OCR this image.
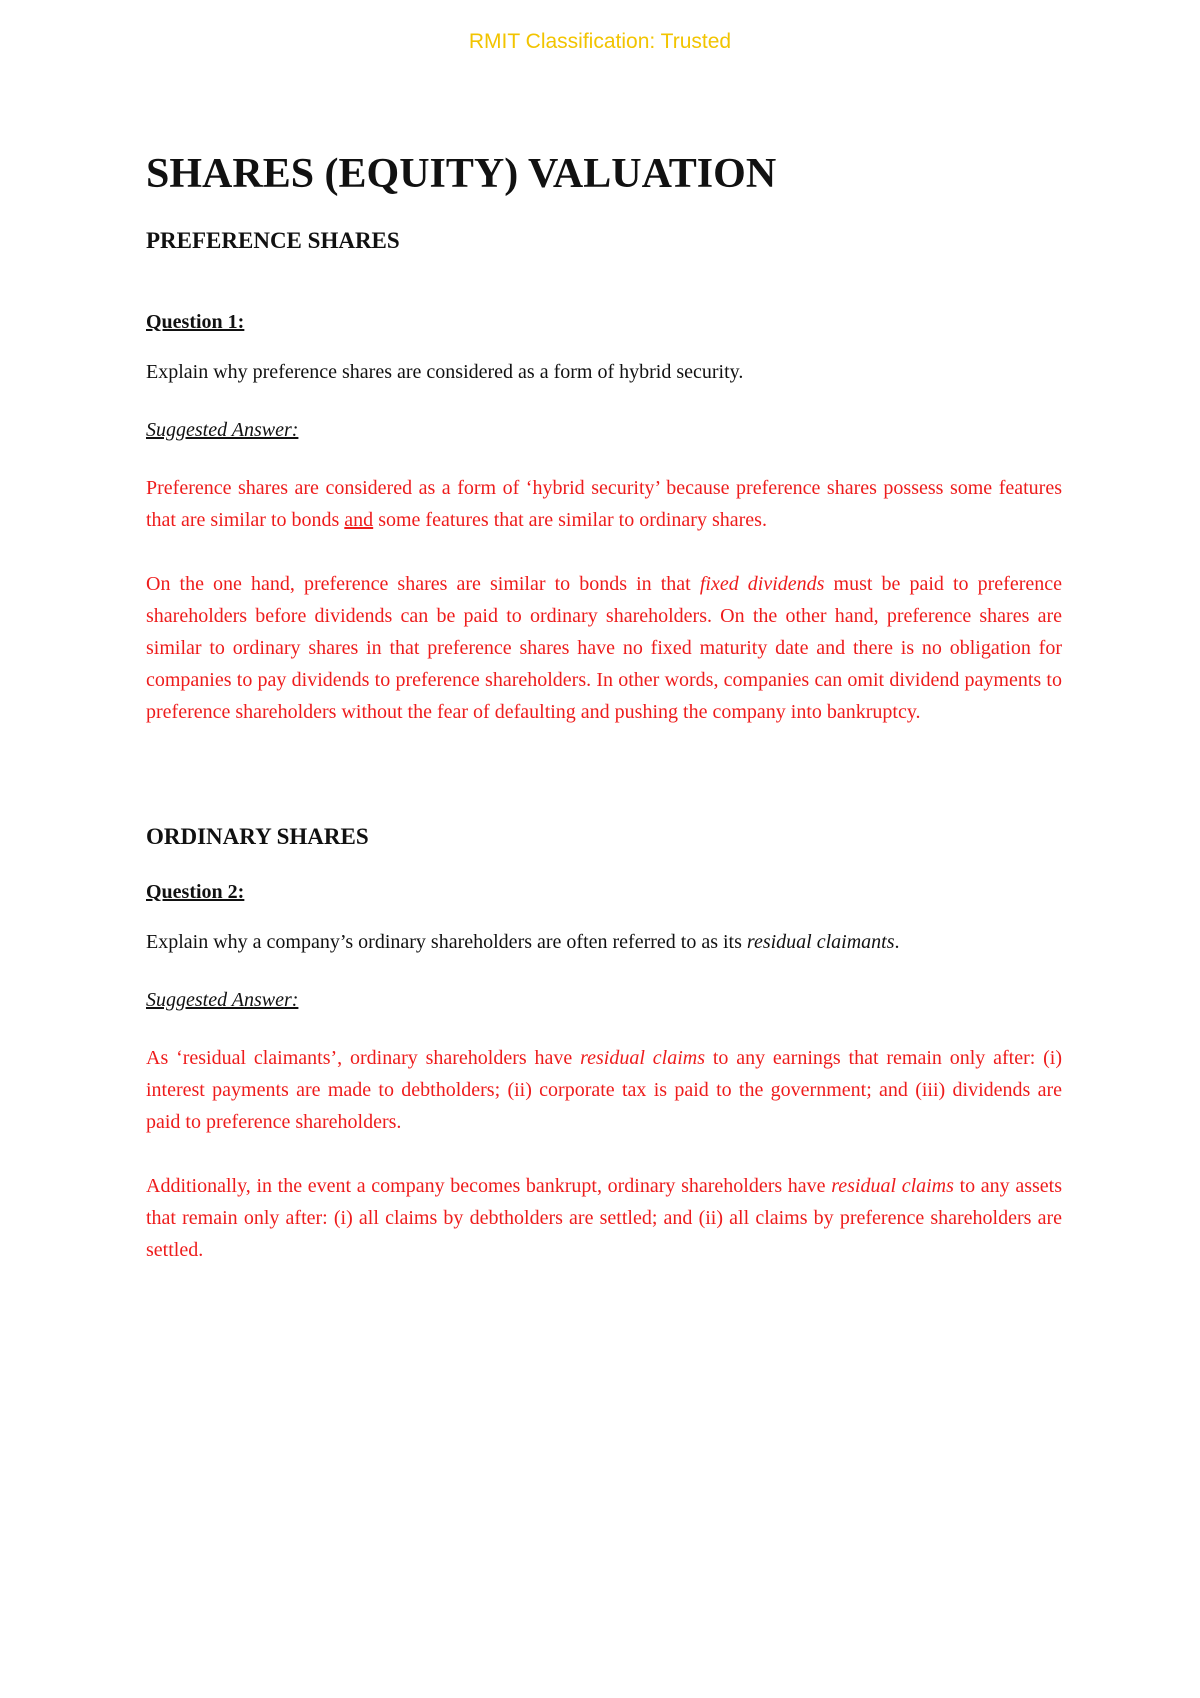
RMIT Classification: Trusted
SHARES (EQUITY) VALUATION
PREFERENCE SHARES

Question 1:

Explain why preference shares are considered as a form of hybrid security.

Suggested Answer:

Preference shares are considered as a form of ‘hybrid security’ because preference shares possess some features that are similar to bonds and some features that are similar to ordinary shares.

On the one hand, preference shares are similar to bonds in that fixed dividends must be paid to preference shareholders before dividends can be paid to ordinary shareholders. On the other hand, preference shares are similar to ordinary shares in that preference shares have no fixed maturity date and there is no obligation for companies to pay dividends to preference shareholders. In other words, companies can omit dividend payments to preference shareholders without the fear of defaulting and pushing the company into bankruptcy.

ORDINARY SHARES

Question 2:

Explain why a company’s ordinary shareholders are often referred to as its residual claimants.

Suggested Answer:

As ‘residual claimants’, ordinary shareholders have residual claims to any earnings that remain only after: (i) interest payments are made to debtholders; (ii) corporate tax is paid to the government; and (iii) dividends are paid to preference shareholders.

Additionally, in the event a company becomes bankrupt, ordinary shareholders have residual claims to any assets that remain only after: (i) all claims by debtholders are settled; and (ii) all claims by preference shareholders are settled.
